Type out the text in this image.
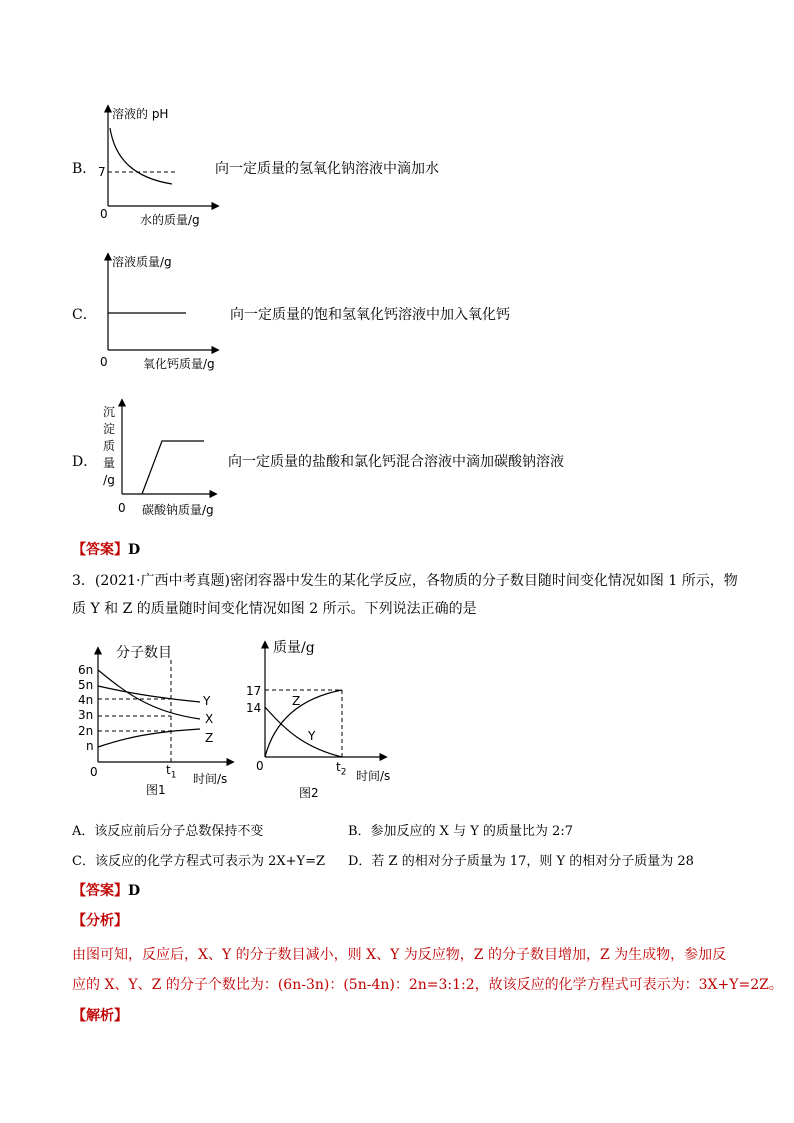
B．
溶液的 pH
7
0	水的质量/g
向一定质量的氢氧化钠溶液中滴加水
C．
溶液质量/g
0	氧化钙质量/g
向一定质量的饱和氢氧化钙溶液中加入氧化钙
D．
沉
淀
质
量
/g
0 碳酸钠质量/g
向一定质量的盐酸和氯化钙混合溶液中滴加碳酸钠溶液
【答案】D
3．(2021·广西中考真题)密闭容器中发生的某化学反应，各物质的分子数目随时间变化情况如图 1 所示，物
质 Y 和 Z 的质量随时间变化情况如图 2 所示。下列说法正确的是
分子数目
6n
5n
4n
3n
2n
n
Y
X
Z
0	$t_1$ 时间/s
图1
质量/g
17
14	Z
Y
0	$t_2$ 时间/s
图2
A．该反应前后分子总数保持不变	B．参加反应的 X 与 Y 的质量比为 2:7
C．该反应的化学方程式可表示为 2X+Y=Z D．若 Z 的相对分子质量为 17，则 Y 的相对分子质量为 28
【答案】D
【分析】
由图可知，反应后，X、Y 的分子数目减小，则 X、Y 为反应物，Z 的分子数目增加，Z 为生成物，参加反
应的 X、Y、Z 的分子个数比为：(6n-3n)：(5n-4n)：2n=3:1:2，故该反应的化学方程式可表示为：3X+Y=2Z。
【解析】
